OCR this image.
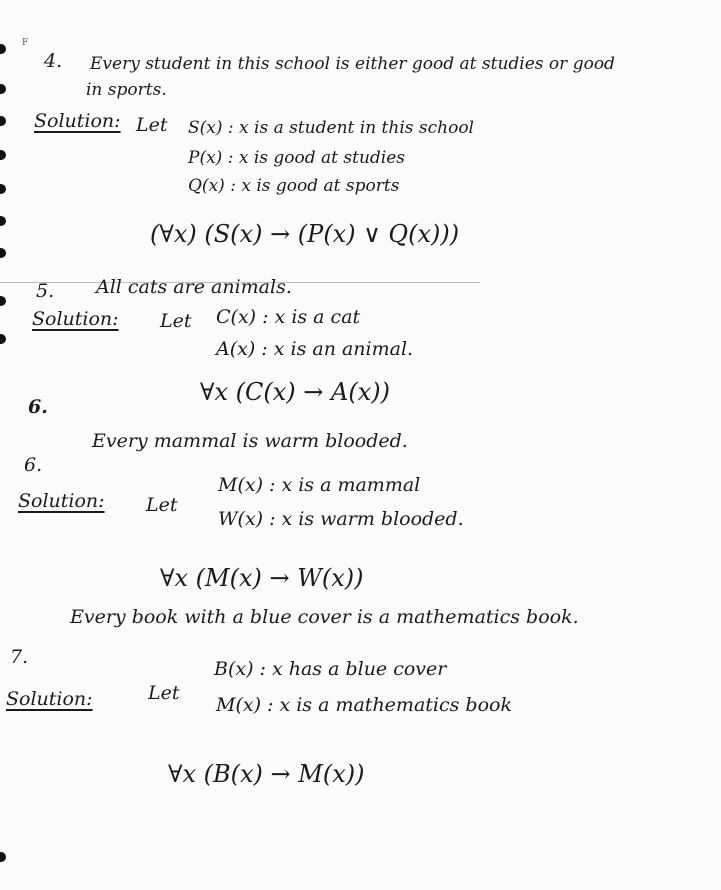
F
4. Every student in this school is either good at studies or good
in sports.
Solution: Let S(x) : x is a student in this school
P(x) : x is good at studies
Q(x) : x is good at sports
(∀x) (S(x) → (P(x) ∨ Q(x)))
5. All cats are animals.
Solution: Let C(x) : x is a cat
A(x) : x is an animal.
6.
∀x (C(x) → A(x))
6.
Every mammal is warm blooded.
Solution: Let
M(x) : x is a mammal
W(x) : x is warm blooded.
∀x (M(x) → W(x))
7.
Every book with a blue cover is a mathematics book.
Solution:	Let
B(x) : x has a blue cover
M(x) : x is a mathematics book
∀x (B(x) → M(x))
